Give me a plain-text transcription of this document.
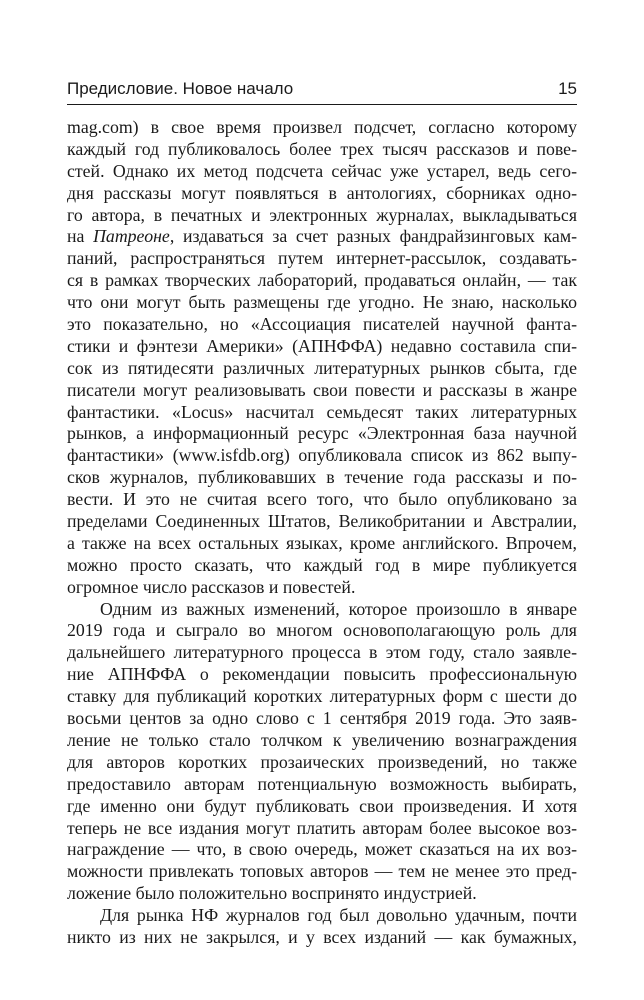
Предисловие. Новое начало	15
mag.com) в свое время произвел подсчет, согласно которому
каждый год публиковалось более трех тысяч рассказов и пове-
стей. Однако их метод подсчета сейчас уже устарел, ведь сего-
дня рассказы могут появляться в антологиях, сборниках одно-
го автора, в печатных и электронных журналах, выкладываться
на Патреоне, издаваться за счет разных фандрайзинговых кам-
паний, распространяться путем интернет-рассылок, создавать-
ся в рамках творческих лабораторий, продаваться онлайн, — так
что они могут быть размещены где угодно. Не знаю, насколько
это показательно, но «Ассоциация писателей научной фанта-
стики и фэнтези Америки» (АПНФФА) недавно составила спи-
сок из пятидесяти различных литературных рынков сбыта, где
писатели могут реализовывать свои повести и рассказы в жанре
фантастики. «Locus» насчитал семьдесят таких литературных
рынков, а информационный ресурс «Электронная база научной
фантастики» (www.isfdb.org) опубликовала список из 862 выпу-
сков журналов, публиковавших в течение года рассказы и по-
вести. И это не считая всего того, что было опубликовано за
пределами Соединенных Штатов, Великобритании и Австралии,
а также на всех остальных языках, кроме английского. Впрочем,
можно просто сказать, что каждый год в мире публикуется
огромное число рассказов и повестей.
Одним из важных изменений, которое произошло в январе
2019 года и сыграло во многом основополагающую роль для
дальнейшего литературного процесса в этом году, стало заявле-
ние АПНФФА о рекомендации повысить профессиональную
ставку для публикаций коротких литературных форм с шести до
восьми центов за одно слово с 1 сентября 2019 года. Это заяв-
ление не только стало толчком к увеличению вознаграждения
для авторов коротких прозаических произведений, но также
предоставило авторам потенциальную возможность выбирать,
где именно они будут публиковать свои произведения. И хотя
теперь не все издания могут платить авторам более высокое воз-
награждение — что, в свою очередь, может сказаться на их воз-
можности привлекать топовых авторов — тем не менее это пред-
ложение было положительно воспринято индустрией.
Для рынка НФ журналов год был довольно удачным, почти
никто из них не закрылся, и у всех изданий — как бумажных,
